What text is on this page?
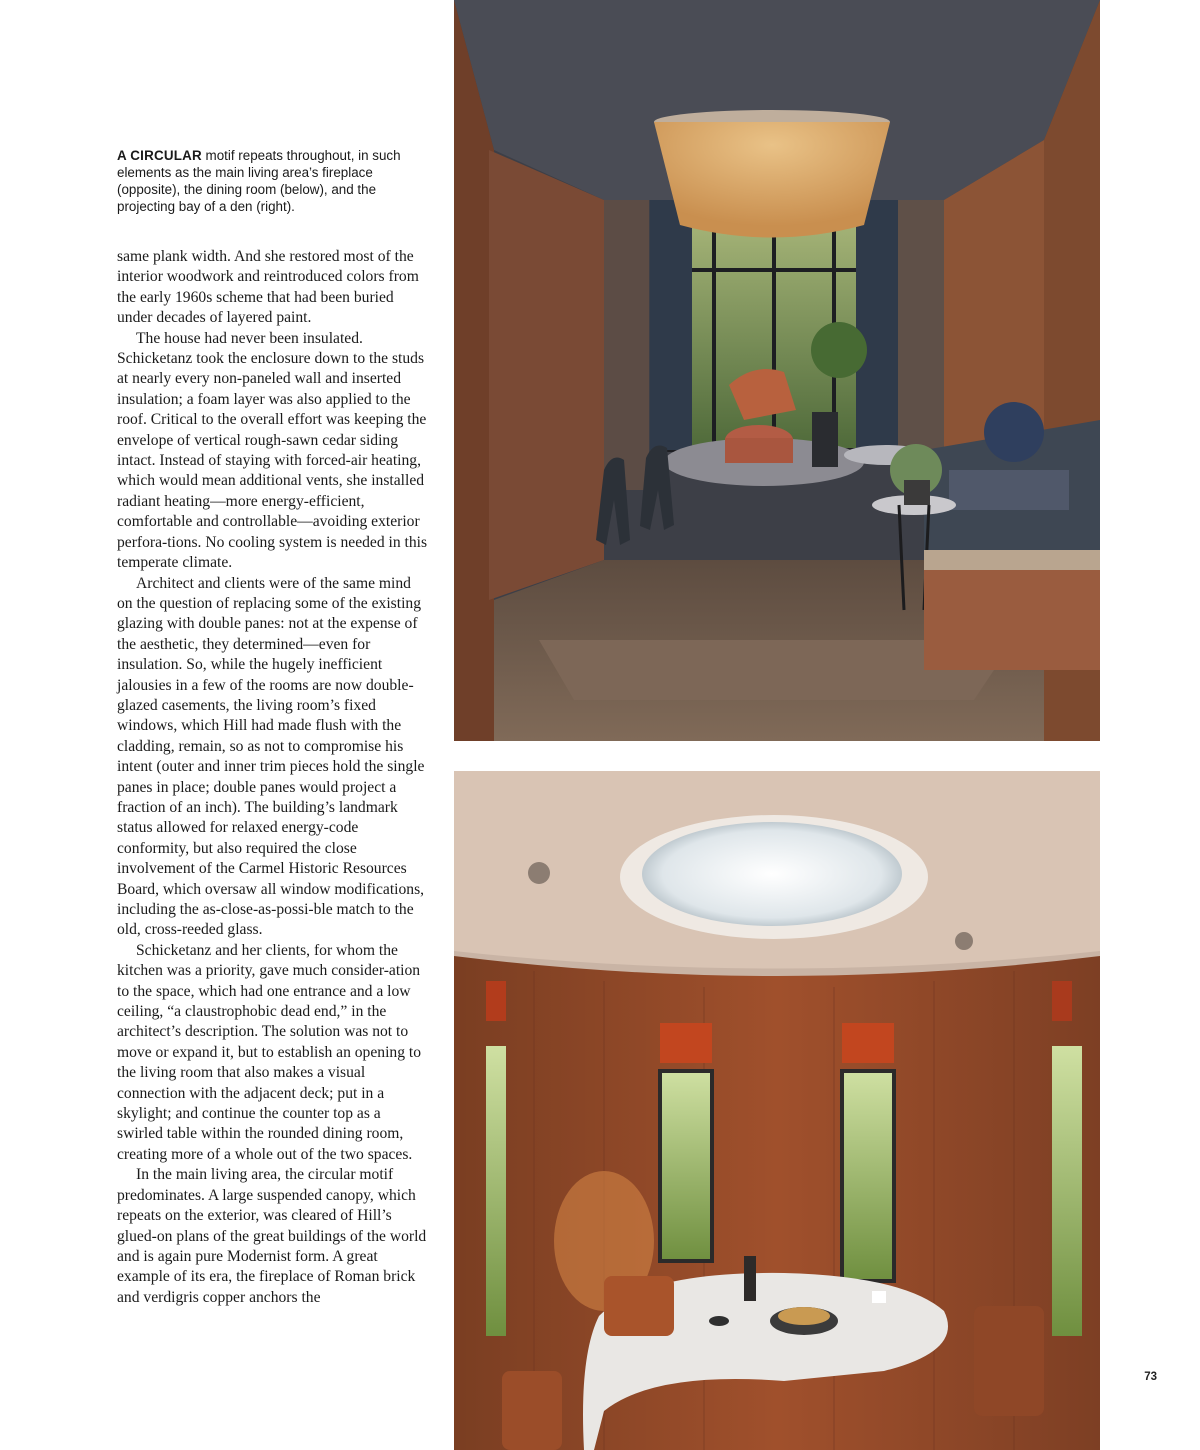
A CIRCULAR motif repeats throughout, in such elements as the main living area’s fireplace (opposite), the dining room (below), and the projecting bay of a den (right).

same plank width. And she restored most of the interior woodwork and reintroduced colors from the early 1960s scheme that had been buried under decades of layered paint.

The house had never been insulated. Schicketanz took the enclosure down to the studs at nearly every non-paneled wall and inserted insulation; a foam layer was also applied to the roof. Critical to the overall effort was keeping the envelope of vertical rough-sawn cedar siding intact. Instead of staying with forced-air heating, which would mean additional vents, she installed radiant heating—more energy-efficient, comfortable and controllable—avoiding exterior perfora-tions. No cooling system is needed in this temperate climate.

Architect and clients were of the same mind on the question of replacing some of the existing glazing with double panes: not at the expense of the aesthetic, they determined—even for insulation. So, while the hugely inefficient jalousies in a few of the rooms are now double-glazed casements, the living room’s fixed windows, which Hill had made flush with the cladding, remain, so as not to compromise his intent (outer and inner trim pieces hold the single panes in place; double panes would project a fraction of an inch). The building’s landmark status allowed for relaxed energy-code conformity, but also required the close involvement of the Carmel Historic Resources Board, which oversaw all window modifications, including the as-close-as-possi-ble match to the old, cross-reeded glass.

Schicketanz and her clients, for whom the kitchen was a priority, gave much consider-ation to the space, which had one entrance and a low ceiling, “a claustrophobic dead end,” in the architect’s description. The solution was not to move or expand it, but to establish an opening to the living room that also makes a visual connection with the adjacent deck; put in a skylight; and continue the counter top as a swirled table within the rounded dining room, creating more of a whole out of the two spaces.

In the main living area, the circular motif predominates. A large suspended canopy, which repeats on the exterior, was cleared of Hill’s glued-on plans of the great buildings of the world and is again pure Modernist form. A great example of its era, the fireplace of Roman brick and verdigris copper anchors the

73
